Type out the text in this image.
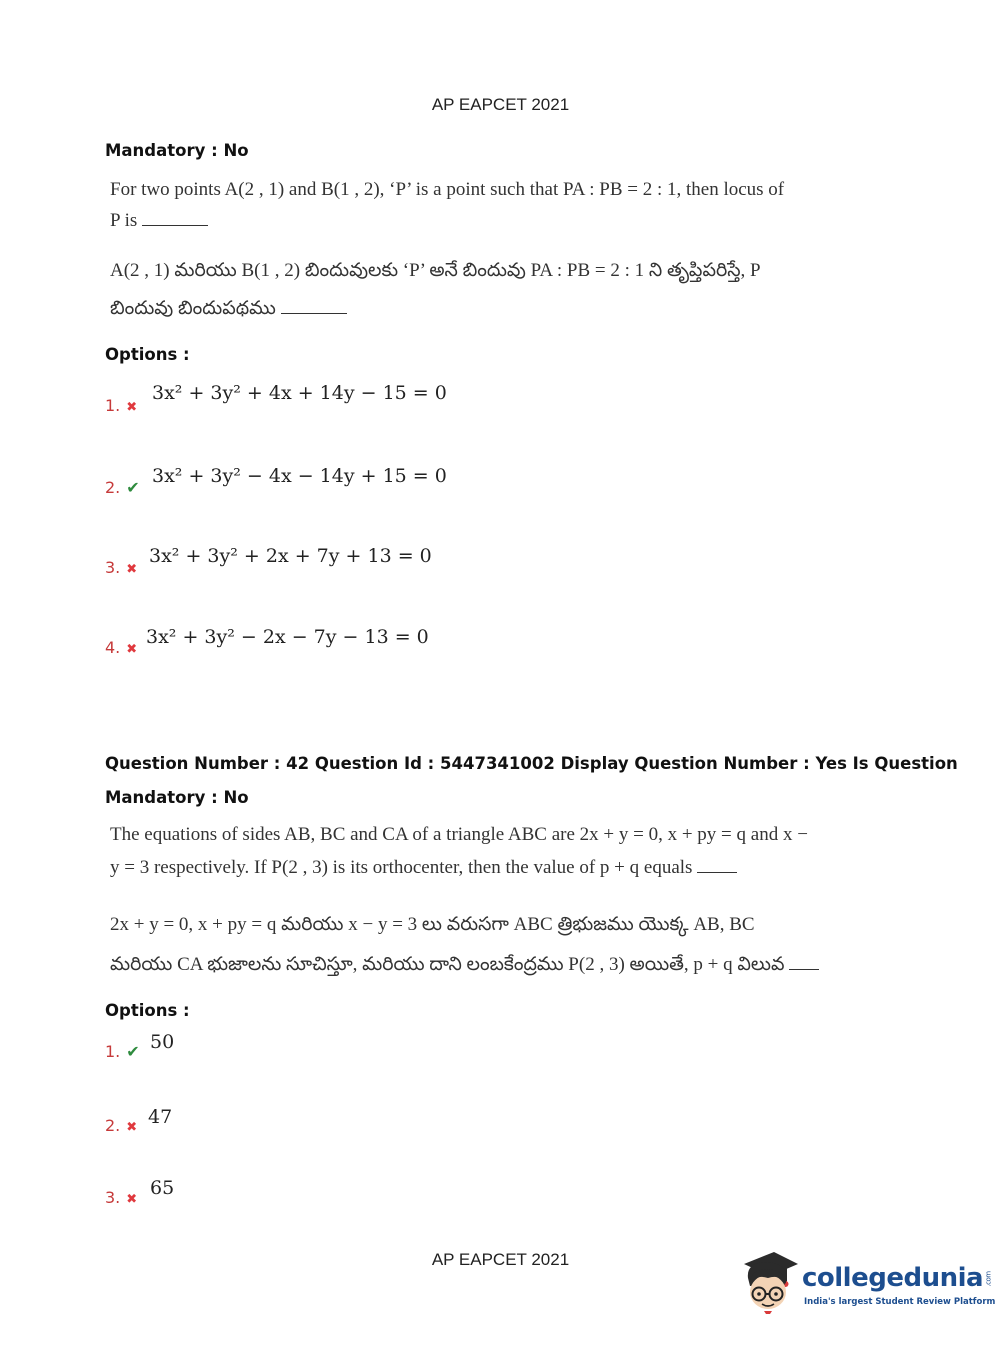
AP EAPCET 2021
Mandatory : No
For two points A(2 , 1) and B(1 , 2), ‘P’ is a point such that PA : PB = 2 : 1, then locus of
P is
A(2 , 1) మరియు B(1 , 2) బిందువులకు ‘P’ అనే బిందువు PA : PB = 2 : 1 ని తృప్తిపరిస్తే, P
బిందువు బిందుపథము
Options :
1. ✖
3x² + 3y² + 4x + 14y − 15 = 0
2. ✔
3x² + 3y² − 4x − 14y + 15 = 0
3. ✖
3x² + 3y² + 2x + 7y + 13 = 0
4. ✖
3x² + 3y² − 2x − 7y − 13 = 0
Question Number : 42 Question Id : 5447341002 Display Question Number : Yes Is Question
Mandatory : No
The equations of sides AB, BC and CA of a triangle ABC are 2x + y = 0, x + py = q and x −
y = 3 respectively. If P(2 , 3) is its orthocenter, then the value of p + q equals
2x + y = 0, x + py = q మరియు x − y = 3 లు వరుసగా ABC త్రిభుజము యొక్క AB, BC
మరియు CA భుజాలను సూచిస్తూ, మరియు దాని లంబకేంద్రము P(2 , 3) అయితే, p + q విలువ
Options :
1. ✔ 50
2. ✖ 47
3. ✖
65
AP EAPCET 2021
collegedunia .com
India's largest Student Review Platform
